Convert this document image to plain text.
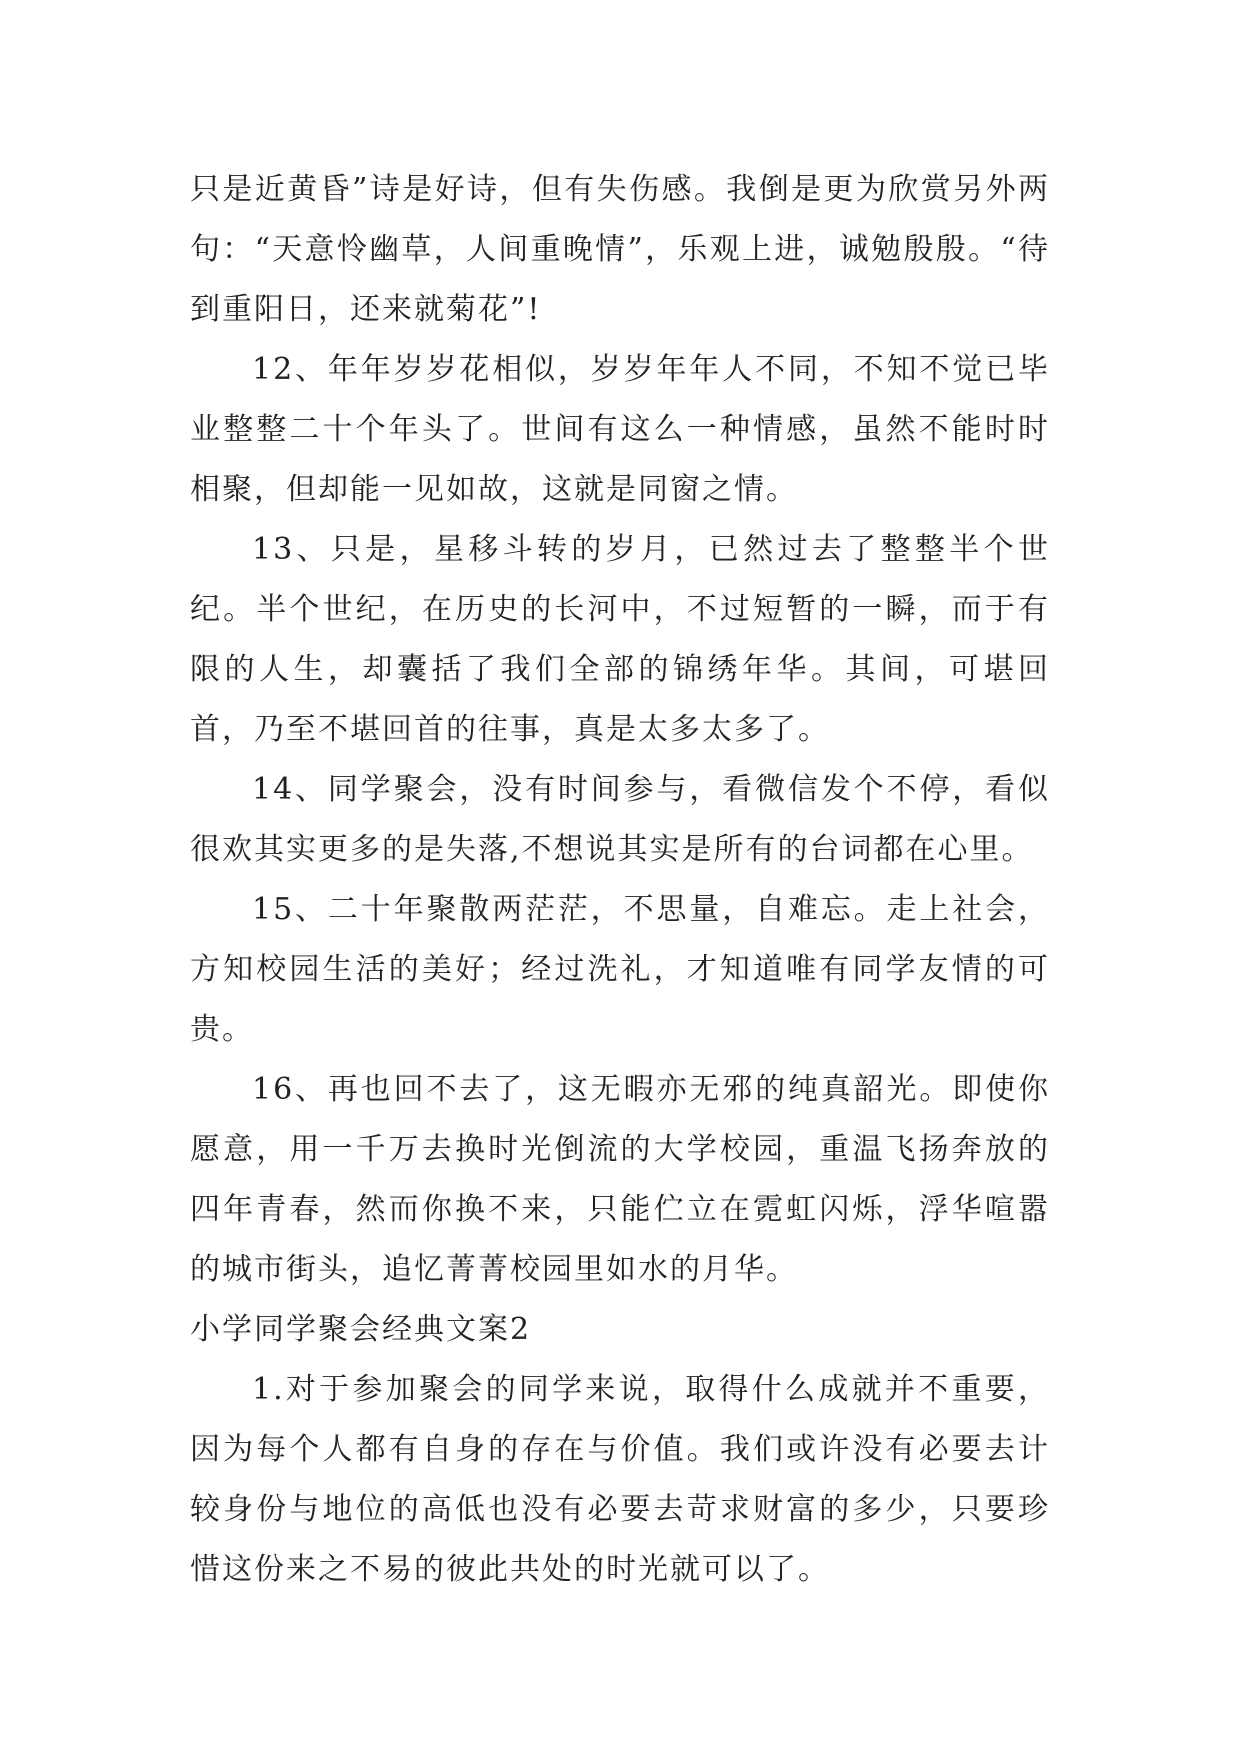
只是近黄昏”诗是好诗，但有失伤感。我倒是更为欣赏另外两句：“天意怜幽草，人间重晚情”，乐观上进，诚勉殷殷。“待到重阳日，还来就菊花”!

12、年年岁岁花相似，岁岁年年人不同，不知不觉已毕业整整二十个年头了。世间有这么一种情感，虽然不能时时相聚，但却能一见如故，这就是同窗之情。

13、只是，星移斗转的岁月，已然过去了整整半个世纪。半个世纪，在历史的长河中，不过短暂的一瞬，而于有限的人生，却囊括了我们全部的锦绣年华。其间，可堪回首，乃至不堪回首的往事，真是太多太多了。

14、同学聚会，没有时间参与，看微信发个不停，看似很欢其实更多的是失落,不想说其实是所有的台词都在心里。

15、二十年聚散两茫茫，不思量，自难忘。走上社会，方知校园生活的美好；经过洗礼，才知道唯有同学友情的可贵。

16、再也回不去了，这无暇亦无邪的纯真韶光。即使你愿意，用一千万去换时光倒流的大学校园，重温飞扬奔放的四年青春，然而你换不来，只能伫立在霓虹闪烁，浮华喧嚣的城市街头，追忆菁菁校园里如水的月华。

小学同学聚会经典文案2

1.对于参加聚会的同学来说，取得什么成就并不重要，因为每个人都有自身的存在与价值。我们或许没有必要去计较身份与地位的高低也没有必要去苛求财富的多少，只要珍惜这份来之不易的彼此共处的时光就可以了。
